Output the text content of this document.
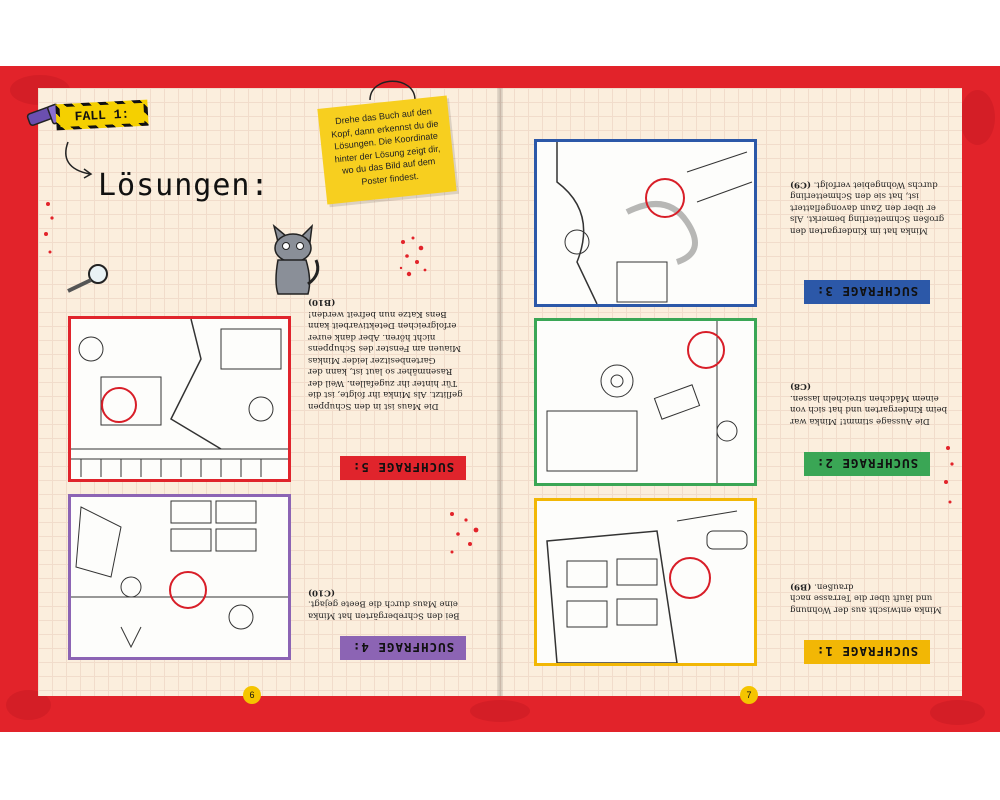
FALL 1:
Lösungen:

Drehe das Buch auf den Kopf, dann erkennst du die Lösungen. Die Koordinate hinter der Lösung zeigt dir, wo du das Bild auf dem Poster findest.

SUCHFRAGE 5:
Die Maus ist in den Schuppen geflitzt. Als Minka ihr folgte, ist die Tür hinter ihr zugefallen. Weil der Rasenmäher so laut ist, kann der Gartenbesitzer leider Minkas Miauen am Fenster des Schuppens nicht hören. Aber dank eurer erfolgreichen Detektivarbeit kann Bens Katze nun befreit werden! (B10)
SUCHFRAGE 4:
Bei den Schrebergärten hat Minka eine Maus durch die Beete gejagt. (C10)
SUCHFRAGE 3:
Minka hat im Kindergarten den großen Schmetterling bemerkt. Als er über den Zaun davongeflattert ist, hat sie den Schmetterling durchs Wohngebiet verfolgt. (C9)
SUCHFRAGE 2:
Die Aussage stimmt! Minka war beim Kindergarten und hat sich von einem Mädchen streicheln lassen. (C8)
SUCHFRAGE 1:
Minka entwischt aus der Wohnung und läuft über die Terrasse nach draußen. (B9)
6	7
